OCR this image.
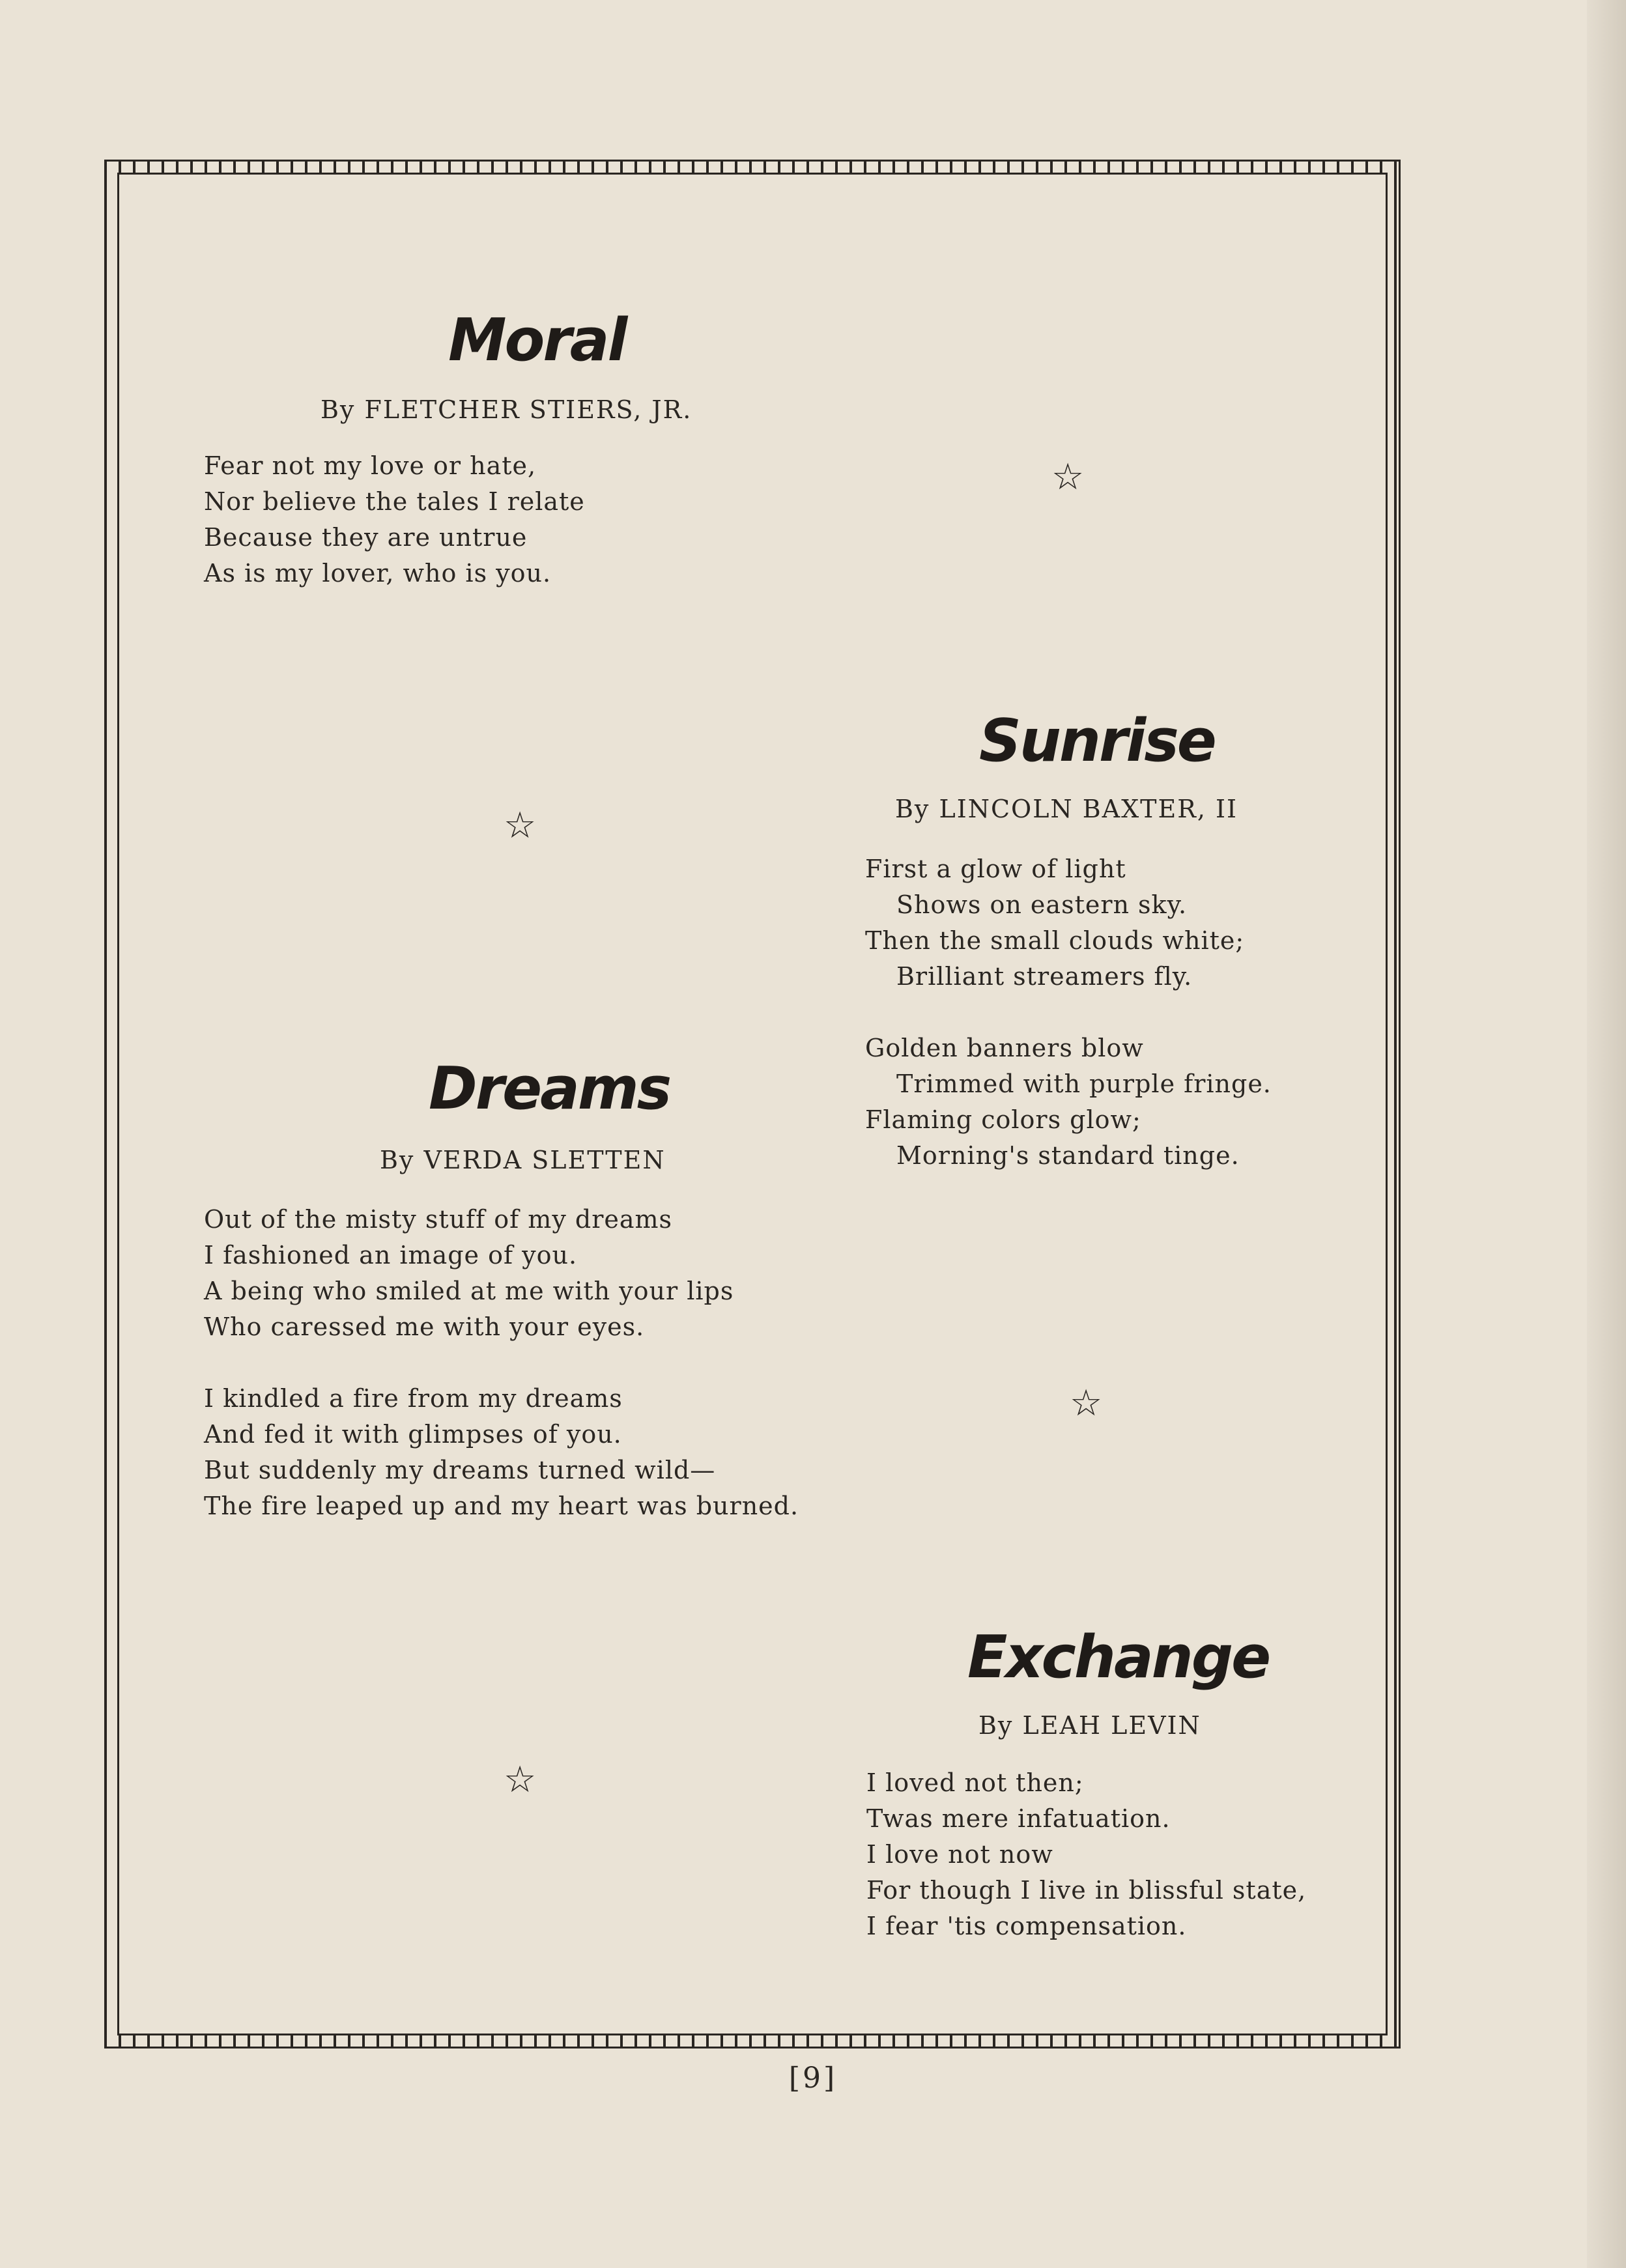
Moral

By FLETCHER STIERS, JR.

Fear not my love or hate,
Nor believe the tales I relate
Because they are untrue
As is my lover, who is you.
Sunrise

By LINCOLN BAXTER, II

First a glow of light
Shows on eastern sky.
Then the small clouds white;
Brilliant streamers fly.
Golden banners blow
Trimmed with purple fringe.
Flaming colors glow;
Morning's standard tinge.
Dreams

By VERDA SLETTEN

Out of the misty stuff of my dreams
I fashioned an image of you.
A being who smiled at me with your lips
Who caressed me with your eyes.
I kindled a fire from my dreams
And fed it with glimpses of you.
But suddenly my dreams turned wild—
The fire leaped up and my heart was burned.
Exchange

By LEAH LEVIN

I loved not then;
Twas mere infatuation.
I love not now
For though I live in blissful state,
I fear 'tis compensation.
☆
☆
☆
☆
[9]
